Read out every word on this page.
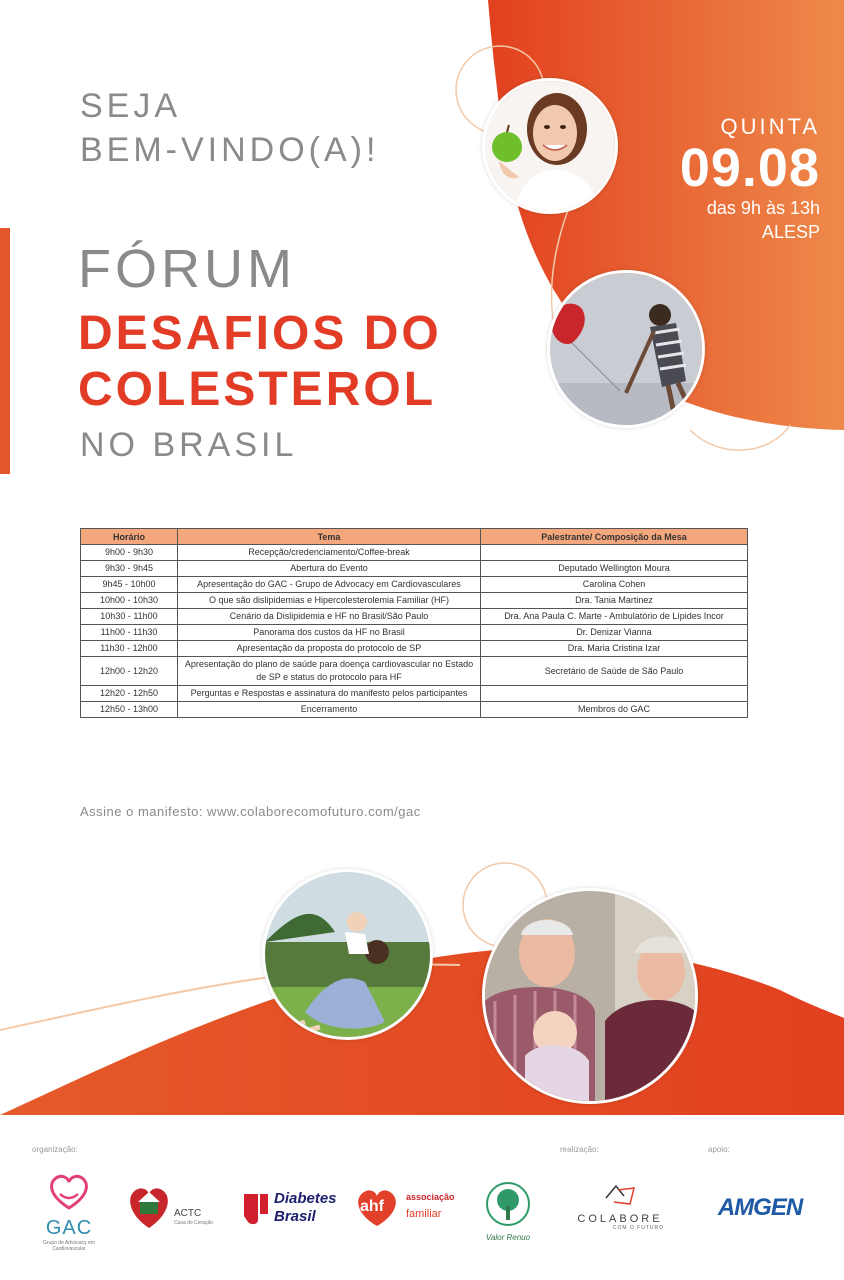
SEJA
BEM-VINDO(A)!
FÓRUM
DESAFIOS DO
COLESTEROL
NO BRASIL
QUINTA
09.08
das 9h às 13h
ALESP
Horário	Tema	Palestrante/ Composição da Mesa
9h00 - 9h30	Recepção/credenciamento/Coffee-break	
9h30 - 9h45	Abertura do Evento	Deputado Wellington Moura
9h45 - 10h00	Apresentação do GAC - Grupo de Advocacy em Cardiovasculares	Carolina Cohen
10h00 - 10h30	O que são dislipidemias e Hipercolesterolemia Familiar (HF)	Dra. Tania Martinez
10h30 - 11h00	Cenário da Dislipidemia e HF no Brasil/São Paulo	Dra. Ana Paula C. Marte - Ambulatório de Lípides Incor
11h00 - 11h30	Panorama dos custos da HF no Brasil	Dr. Denizar Vianna
11h30 - 12h00	Apresentação da proposta do protocolo de SP	Dra. Maria Cristina Izar
12h00 - 12h20	Apresentação do plano de saúde para doença cardiovascular no Estado de SP e status do protocolo para HF	Secretário de Saúde de São Paulo
12h20 - 12h50	Perguntas e Respostas e assinatura do manifesto pelos participantes	
12h50 - 13h00	Encerramento	Membros do GAC
Assine o manifesto: www.colaborecomofuturo.com/gac
organização:	realização:	apoio:
GAC
Grupo de Advocacy em Cardiovascular
ACTC
Casa do Coração
Diabetes
Brasil
ahf
associação
familiar
Valor Renuo
COLABORE
COM O FUTURO
AMGEN
